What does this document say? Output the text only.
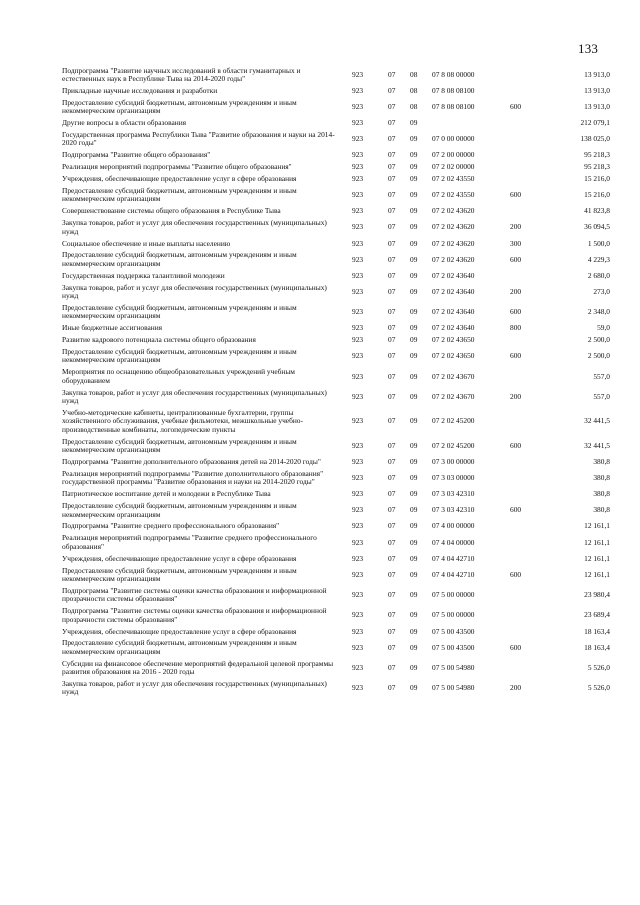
133
Подпрограмма "Развитие научных исследований в области гуманитарных и естественных наук в Республике Тыва на 2014-2020 годы"	923	07	08	07 8 08 00000		13 913,0
Прикладные научные исследования и разработки	923	07	08	07 8 08 08100		13 913,0
Предоставление субсидий бюджетным, автономным учреждениям и иным некоммерческим организациям	923	07	08	07 8 08 08100	600	13 913,0
Другие вопросы в области образования	923	07	09			212 079,1
Государственная программа Республики Тыва "Развитие образования и науки на 2014-2020 годы"	923	07	09	07 0 00 00000		138 025,0
Подпрограмма "Развитие общего образования"	923	07	09	07 2 00 00000		95 218,3
Реализация мероприятий подпрограммы "Развитие общего образования"	923	07	09	07 2 02 00000		95 218,3
Учреждения, обеспечивающие предоставление услуг в сфере образования	923	07	09	07 2 02 43550		15 216,0
Предоставление субсидий бюджетным, автономным учреждениям и иным некоммерческим организациям	923	07	09	07 2 02 43550	600	15 216,0
Совершенствование системы общего образования в Республике Тыва	923	07	09	07 2 02 43620		41 823,8
Закупка товаров, работ и услуг для обеспечения государственных (муниципальных) нужд	923	07	09	07 2 02 43620	200	36 094,5
Социальное обеспечение и иные выплаты населению	923	07	09	07 2 02 43620	300	1 500,0
Предоставление субсидий бюджетным, автономным учреждениям и иным некоммерческим организациям	923	07	09	07 2 02 43620	600	4 229,3
Государственная поддержка талантливой молодежи	923	07	09	07 2 02 43640		2 680,0
Закупка товаров, работ и услуг для обеспечения государственных (муниципальных) нужд	923	07	09	07 2 02 43640	200	273,0
Предоставление субсидий бюджетным, автономным учреждениям и иным некоммерческим организациям	923	07	09	07 2 02 43640	600	2 348,0
Иные бюджетные ассигнования	923	07	09	07 2 02 43640	800	59,0
Развитие кадрового потенциала системы общего образования	923	07	09	07 2 02 43650		2 500,0
Предоставление субсидий бюджетным, автономным учреждениям и иным некоммерческим организациям	923	07	09	07 2 02 43650	600	2 500,0
Мероприятия по оснащению общеобразовательных учреждений учебным оборудованием	923	07	09	07 2 02 43670		557,0
Закупка товаров, работ и услуг для обеспечения государственных (муниципальных) нужд	923	07	09	07 2 02 43670	200	557,0
Учебно-методические кабинеты, централизованные бухгалтерии, группы хозяйственного обслуживания, учебные фильмотеки, межшкольные учебно-производственные комбинаты, логопедические пункты	923	07	09	07 2 02 45200		32 441,5
Предоставление субсидий бюджетным, автономным учреждениям и иным некоммерческим организациям	923	07	09	07 2 02 45200	600	32 441,5
Подпрограмма "Развитие дополнительного образования детей на 2014-2020 годы"	923	07	09	07 3 00 00000		380,8
Реализация мероприятий подпрограммы "Развитие дополнительного образования" государственной программы "Развитие образования и науки на 2014-2020 годы"	923	07	09	07 3 03 00000		380,8
Патриотическое воспитание детей и молодежи в Республике Тыва	923	07	09	07 3 03 42310		380,8
Предоставление субсидий бюджетным, автономным учреждениям и иным некоммерческим организациям	923	07	09	07 3 03 42310	600	380,8
Подпрограмма "Развитие среднего профессионального образования"	923	07	09	07 4 00 00000		12 161,1
Реализация мероприятий подпрограммы "Развитие среднего профессионального образования"	923	07	09	07 4 04 00000		12 161,1
Учреждения, обеспечивающие предоставление услуг в сфере образования	923	07	09	07 4 04 42710		12 161,1
Предоставление субсидий бюджетным, автономным учреждениям и иным некоммерческим организациям	923	07	09	07 4 04 42710	600	12 161,1
Подпрограмма "Развитие системы оценки качества образования и информационной прозрачности системы образования"	923	07	09	07 5 00 00000		23 980,4
Подпрограмма "Развитие системы оценки качества образования и информационной прозрачности системы образования"	923	07	09	07 5 00 00000		23 689,4
Учреждения, обеспечивающие предоставление услуг в сфере образования	923	07	09	07 5 00 43500		18 163,4
Предоставление субсидий бюджетным, автономным учреждениям и иным некоммерческим организациям	923	07	09	07 5 00 43500	600	18 163,4
Субсидии на финансовое обеспечение мероприятий федеральной целевой программы развития образования на 2016 - 2020 годы	923	07	09	07 5 00 54980		5 526,0
Закупка товаров, работ и услуг для обеспечения государственных (муниципальных) нужд	923	07	09	07 5 00 54980	200	5 526,0
